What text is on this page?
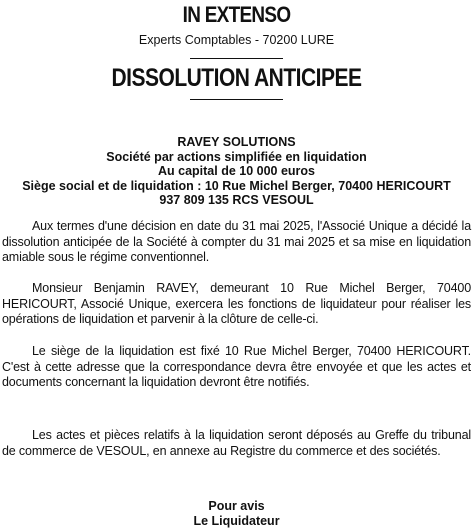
IN EXTENSO
Experts Comptables - 70200 LURE
DISSOLUTION ANTICIPEE
RAVEY SOLUTIONS
Société par actions simplifiée en liquidation
Au capital de 10 000 euros
Siège social et de liquidation : 10 Rue Michel Berger, 70400 HERICOURT
937 809 135 RCS VESOUL
Aux termes d'une décision en date du 31 mai 2025, l'Associé Unique a décidé la dissolution anticipée de la Société à compter du 31 mai 2025 et sa mise en liquidation amiable sous le régime conventionnel.
Monsieur Benjamin RAVEY, demeurant 10 Rue Michel Berger, 70400 HERICOURT, Associé Unique, exercera les fonctions de liquidateur pour réaliser les opérations de liquidation et parvenir à la clôture de celle-ci.
Le siège de la liquidation est fixé 10 Rue Michel Berger, 70400 HERICOURT. C'est à cette adresse que la correspondance devra être envoyée et que les actes et documents concernant la liquidation devront être notifiés.
Les actes et pièces relatifs à la liquidation seront déposés au Greffe du tribunal de commerce de VESOUL, en annexe au Registre du commerce et des sociétés.
Pour avis
Le Liquidateur
